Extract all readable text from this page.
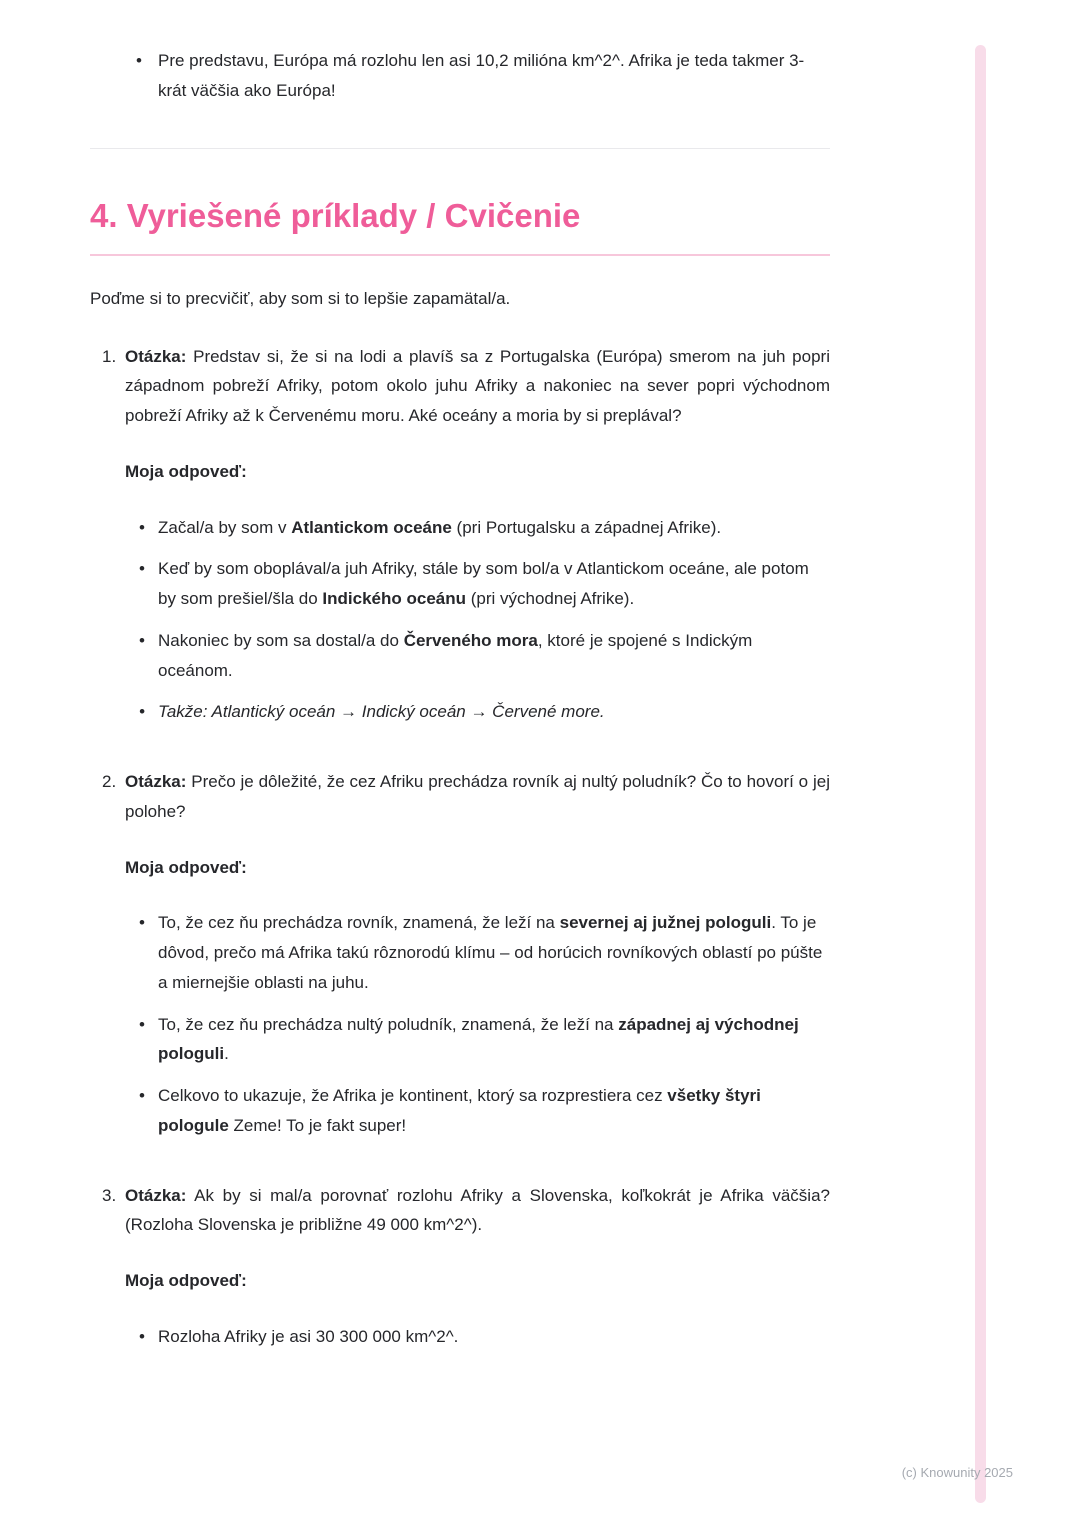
• Pre predstavu, Európa má rozlohu len asi 10,2 milióna km^2^. Afrika je teda takmer 3-krát väčšia ako Európa!
4. Vyriešené príklady / Cvičenie

Poďme si to precvičiť, aby som si to lepšie zapamätal/a.

1. Otázka: Predstav si, že si na lodi a plavíš sa z Portugalska (Európa) smerom na juh popri západnom pobreží Afriky, potom okolo juhu Afriky a nakoniec na sever popri východnom pobreží Afriky až k Červenému moru. Aké oceány a moria by si preplával?

Moja odpoveď:

• Začal/a by som v Atlantickom oceáne (pri Portugalsku a západnej Afrike).
• Keď by som oboplával/a juh Afriky, stále by som bol/a v Atlantickom oceáne, ale potom by som prešiel/šla do Indického oceánu (pri východnej Afrike).
• Nakoniec by som sa dostal/a do Červeného mora, ktoré je spojené s Indickým oceánom.
• Takže: Atlantický oceán → Indický oceán → Červené more.
2. Otázka: Prečo je dôležité, že cez Afriku prechádza rovník aj nultý poludník? Čo to hovorí o jej polohe?

Moja odpoveď:

• To, že cez ňu prechádza rovník, znamená, že leží na severnej aj južnej pologuli. To je dôvod, prečo má Afrika takú rôznorodú klímu – od horúcich rovníkových oblastí po púšte a miernejšie oblasti na juhu.
• To, že cez ňu prechádza nultý poludník, znamená, že leží na západnej aj východnej pologuli.
• Celkovo to ukazuje, že Afrika je kontinent, ktorý sa rozprestiera cez všetky štyri pologule Zeme! To je fakt super!
3. Otázka: Ak by si mal/a porovnať rozlohu Afriky a Slovenska, koľkokrát je Afrika väčšia? (Rozloha Slovenska je približne 49 000 km^2^).

Moja odpoveď:

• Rozloha Afriky je asi 30 300 000 km^2^.
(c) Knowunity 2025
